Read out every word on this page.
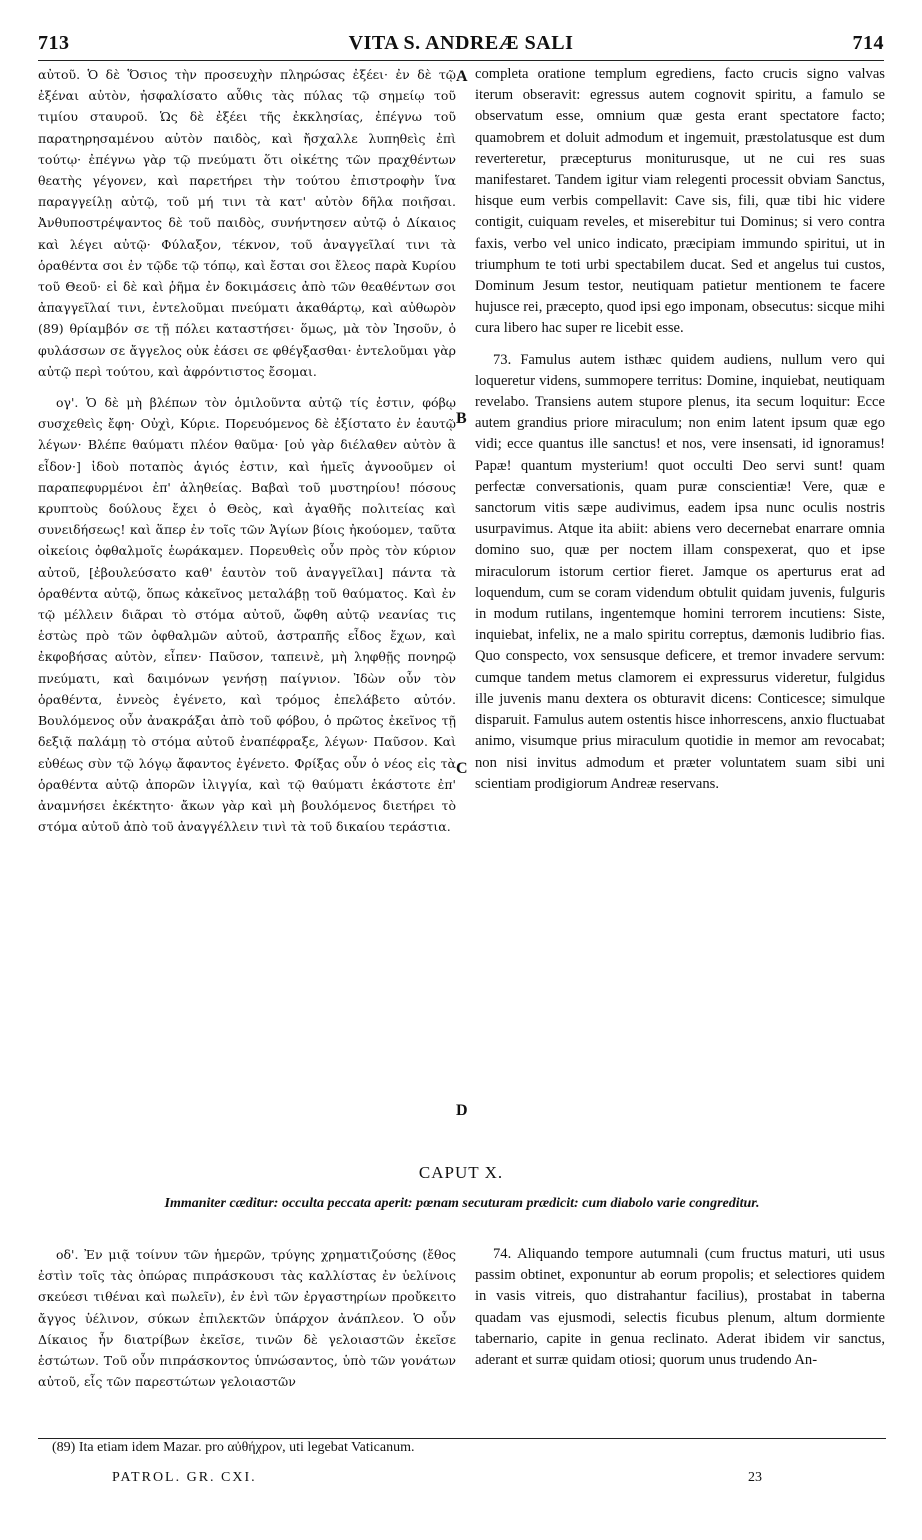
713	VITA S. ANDREÆ SALI	714

αὐτοῦ. Ὁ δὲ Ὅσιος τὴν προσευχὴν πληρώσας ἐξέει· ἐν δὲ τῷ ἐξέναι αὐτὸν, ἠσφαλίσατο αὖθις τὰς πύλας τῷ σημείῳ τοῦ τιμίου σταυροῦ. Ὡς δὲ ἐξέει τῆς ἐκκλησίας, ἐπέγνω τοῦ παρατηρησαμένου αὐτὸν παιδὸς, καὶ ἤσχαλλε λυπηθεὶς ἐπὶ τούτῳ· ἐπέγνω γὰρ τῷ πνεύματι ὅτι οἰκέτης τῶν πραχθέντων θεατὴς γέγονεν, καὶ παρετήρει τὴν τούτου ἐπιστροφὴν ἵνα παραγγείλῃ αὐτῷ, τοῦ μή τινι τὰ κατ' αὐτὸν δῆλα ποιῆσαι. Ἀνθυποστρέψαντος δὲ τοῦ παιδὸς, συνήντησεν αὐτῷ ὁ Δίκαιος καὶ λέγει αὐτῷ· Φύλαξον, τέκνον, τοῦ ἀναγγεῖλαί τινι τὰ ὁραθέντα σοι ἐν τῷδε τῷ τόπῳ, καὶ ἔσται σοι ἔλεος παρὰ Κυρίου τοῦ Θεοῦ· εἰ δὲ καὶ ῥῆμα ἐν δοκιμάσεις ἀπὸ τῶν θεαθέντων σοι ἀπαγγεῖλαί τινι, ἐντελοῦμαι πνεύματι ἀκαθάρτῳ, καὶ αὐθωρὸν (89) θρίαμβόν σε τῇ πόλει καταστήσει· ὅμως, μὰ τὸν Ἰησοῦν, ὁ φυλάσσων σε ἄγγελος οὐκ ἐάσει σε φθέγξασθαι· ἐντελοῦμαι γὰρ αὐτῷ περὶ τούτου, καὶ ἀφρόντιστος ἔσομαι.

ογ'. Ὁ δὲ μὴ βλέπων τὸν ὁμιλοῦντα αὐτῷ τίς ἐστιν, φόβῳ συσχεθεὶς ἔφη· Οὐχὶ, Κύριε. Πορευόμενος δὲ ἐξίστατο ἐν ἑαυτῷ λέγων· Βλέπε θαύματι πλέον θαῦμα· [οὐ γὰρ διέλαθεν αὐτὸν ἃ εἶδον·] ἰδοὺ ποταπὸς ἁγιός ἐστιν, καὶ ἡμεῖς ἀγνοοῦμεν οἱ παραπεφυρμένοι ἐπ' ἀληθείας. Βαβαὶ τοῦ μυστηρίου! πόσους κρυπτοὺς δούλους ἔχει ὁ Θεὸς, καὶ ἀγαθῆς πολιτείας καὶ συνειδήσεως! καὶ ἅπερ ἐν τοῖς τῶν Ἁγίων βίοις ἠκούομεν, ταῦτα οἰκείοις ὀφθαλμοῖς ἑωράκαμεν. Πορευθεὶς οὖν πρὸς τὸν κύριον αὐτοῦ, [ἐβουλεύσατο καθ' ἑαυτὸν τοῦ ἀναγγεῖλαι] πάντα τὰ ὁραθέντα αὐτῷ, ὅπως κἀκεῖνος μεταλάβῃ τοῦ θαύματος. Καὶ ἐν τῷ μέλλειν διᾶραι τὸ στόμα αὐτοῦ, ὤφθη αὐτῷ νεανίας τις ἑστὼς πρὸ τῶν ὀφθαλμῶν αὐτοῦ, ἀστραπῆς εἶδος ἔχων, καὶ ἐκφοβήσας αὐτὸν, εἶπεν· Παῦσον, ταπεινὲ, μὴ ληφθῇς πονηρῷ πνεύματι, καὶ δαιμόνων γενήσῃ παίγνιον. Ἰδὼν οὖν τὸν ὁραθέντα, ἐννεὸς ἐγένετο, καὶ τρόμος ἐπελάβετο αὐτόν. Βουλόμενος οὖν ἀνακράξαι ἀπὸ τοῦ φόβου, ὁ πρῶτος ἐκεῖνος τῇ δεξιᾷ παλάμῃ τὸ στόμα αὐτοῦ ἐναπέφραξε, λέγων· Παῦσον. Καὶ εὐθέως σὺν τῷ λόγῳ ἄφαντος ἐγένετο. Φρίξας οὖν ὁ νέος εἰς τὰ ὁραθέντα αὐτῷ ἀπορῶν ἰλιγγία, καὶ τῷ θαύματι ἑκάστοτε ἐπ' ἀναμνήσει ἐκέκτητο· ἄκων γὰρ καὶ μὴ βουλόμενος διετήρει τὸ στόμα αὐτοῦ ἀπὸ τοῦ ἀναγγέλλειν τινὶ τὰ τοῦ δικαίου τεράστια.

completa oratione templum egrediens, facto crucis signo valvas iterum obseravit: egressus autem cognovit spiritu, a famulo se observatum esse, omnium quæ gesta erant spectatore facto; quamobrem et doluit admodum et ingemuit, præstolatusque est dum reverteretur, præcepturus moniturusque, ut ne cui res suas manifestaret. Tandem igitur viam relegenti processit obviam Sanctus, hisque eum verbis compellavit: Cave sis, fili, quæ tibi hic videre contigit, cuiquam reveles, et miserebitur tui Dominus; si vero contra faxis, verbo vel unico indicato, præcipiam immundo spiritui, ut in triumphum te toti urbi spectabilem ducat. Sed et angelus tui custos, Dominum Jesum testor, neutiquam patietur mentionem te facere hujusce rei, præcepto, quod ipsi ego imponam, obsecutus: sicque mihi cura libero hac super re licebit esse.

73. Famulus autem isthæc quidem audiens, nullum vero qui loqueretur videns, summopere territus: Domine, inquiebat, neutiquam revelabo. Transiens autem stupore plenus, ita secum loquitur: Ecce autem grandius priore miraculum; non enim latent ipsum quæ ego vidi; ecce quantus ille sanctus! et nos, vere insensati, id ignoramus! Papæ! quantum mysterium! quot occulti Deo servi sunt! quam perfectæ conversationis, quam puræ conscientiæ! Vere, quæ e sanctorum vitis sæpe audivimus, eadem ipsa nunc oculis nostris usurpavimus. Atque ita abiit: abiens vero decernebat enarrare omnia domino suo, quæ per noctem illam conspexerat, quo et ipse miraculorum istorum certior fieret. Jamque os aperturus erat ad loquendum, cum se coram videndum obtulit quidam juvenis, fulguris in modum rutilans, ingentemque homini terrorem incutiens: Siste, inquiebat, infelix, ne a malo spiritu correptus, dæmonis ludibrio fias. Quo conspecto, vox sensusque deficere, et tremor invadere servum: cumque tandem metus clamorem ei expressurus videretur, fulgidus ille juvenis manu dextera os obturavit dicens: Conticesce; simulque disparuit. Famulus autem ostentis hisce inhorrescens, anxio fluctuabat animo, visumque prius miraculum quotidie in memor am revocabat; non nisi invitus admodum et præter voluntatem suam sibi uni scientiam prodigiorum Andreæ reservans.

A
B
C
D
CAPUT X.
Immaniter cæditur: occulta peccata aperit: pœnam secuturam prædicit: cum diabolo varie congreditur.

οδ'. Ἐν μιᾷ τοίνυν τῶν ἡμερῶν, τρύγης χρηματιζούσης (ἔθος ἐστὶν τοῖς τὰς ὀπώρας πιπράσκουσι τὰς καλλίστας ἐν ὑελίνοις σκεύεσι τιθέναι καὶ πωλεῖν), ἐν ἑνὶ τῶν ἐργαστηρίων προὔκειτο ἄγγος ὑέλινον, σύκων ἐπιλεκτῶν ὑπάρχον ἀνάπλεον. Ὁ οὖν Δίκαιος ἦν διατρίβων ἐκεῖσε, τινῶν δὲ γελοιαστῶν ἐκεῖσε ἑστώτων. Τοῦ οὖν πιπράσκοντος ὑπνώσαντος, ὑπὸ τῶν γονάτων αὐτοῦ, εἷς τῶν παρεστώτων γελοιαστῶν

74. Aliquando tempore autumnali (cum fructus maturi, uti usus passim obtinet, exponuntur ab eorum propolis; et selectiores quidem in vasis vitreis, quo distrahantur facilius), prostabat in taberna quadam vas ejusmodi, selectis ficubus plenum, altum dormiente tabernario, capite in genua reclinato. Aderat ibidem vir sanctus, aderant et surræ quidam otiosi; quorum unus trudendo An-

(89) Ita etiam idem Mazar. pro αὐθήχρον, uti legebat Vaticanum.
PATROL. GR. CXI.	23
